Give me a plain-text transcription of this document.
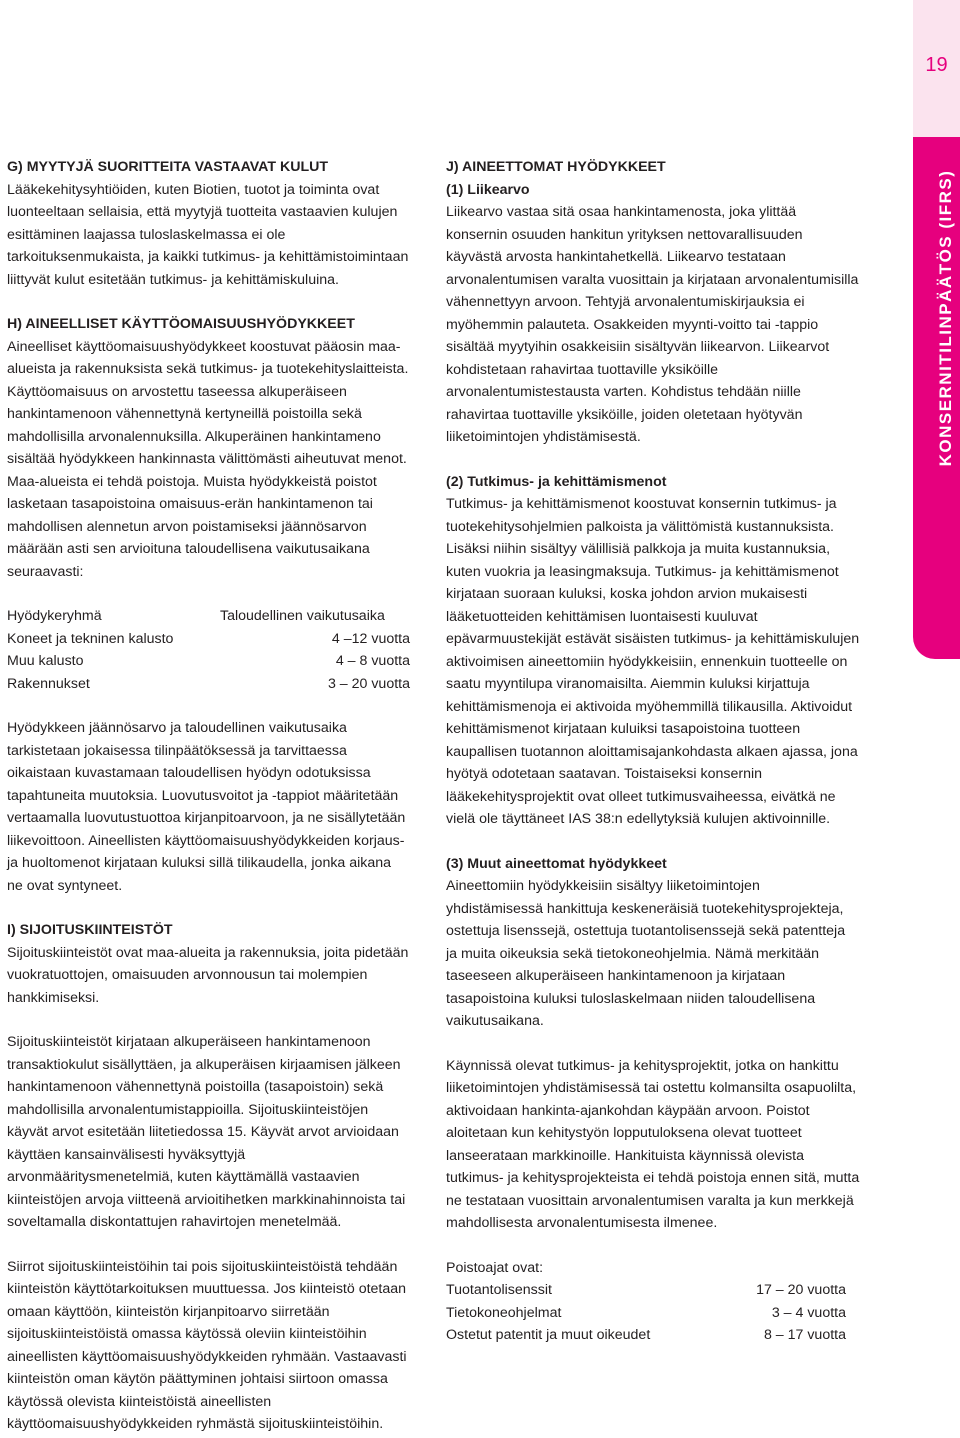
19
KONSERNITILINPÄÄTÖS (IFRS)
G) MYYTYJÄ SUORITTEITA VASTAAVAT KULUT

Lääkekehitysyhtiöiden, kuten Biotien, tuotot ja toiminta ovat luonteeltaan sellaisia, että myytyjä tuotteita vastaavien kulujen esittäminen laajassa tuloslaskelmassa ei ole tarkoituksenmukaista, ja kaikki tutkimus- ja kehittämistoimintaan liittyvät kulut esitetään tutkimus- ja kehittämiskuluina.

H) AINEELLISET KÄYTTÖOMAISUUSHYÖDYKKEET

Aineelliset käyttöomaisuushyödykkeet koostuvat pääosin maa-alueista ja rakennuksista sekä tutkimus- ja tuotekehityslaitteista. Käyttöomaisuus on arvostettu taseessa alkuperäiseen hankintamenoon vähennettynä kertyneillä poistoilla sekä mahdollisilla arvonalennuksilla. Alkuperäinen hankintameno sisältää hyödykkeen hankinnasta välittömästi aiheutuvat menot. Maa-alueista ei tehdä poistoja. Muista hyödykkeistä poistot lasketaan tasapoistoina omaisuus-erän hankintamenon tai mahdollisen alennetun arvon poistamiseksi jäännösarvon määrään asti sen arvioituna taloudellisena vaikutusaikana seuraavasti:

Hyödykeryhmä	Taloudellinen vaikutusaika
Koneet ja tekninen kalusto	4 –12 vuotta
Muu kalusto	4 – 8 vuotta
Rakennukset	3 – 20 vuotta

Hyödykkeen jäännösarvo ja taloudellinen vaikutusaika tarkistetaan jokaisessa tilinpäätöksessä ja tarvittaessa oikaistaan kuvastamaan taloudellisen hyödyn odotuksissa tapahtuneita muutoksia. Luovutusvoitot ja -tappiot määritetään vertaamalla luovutustuottoa kirjanpitoarvoon, ja ne sisällytetään liikevoittoon. Aineellisten käyttöomaisuushyödykkeiden korjaus- ja huoltomenot kirjataan kuluksi sillä tilikaudella, jonka aikana ne ovat syntyneet.

I) SIJOITUSKIINTEISTÖT

Sijoituskiinteistöt ovat maa-alueita ja rakennuksia, joita pidetään vuokratuottojen, omaisuuden arvonnousun tai molempien hankkimiseksi.

Sijoituskiinteistöt kirjataan alkuperäiseen hankintamenoon transaktiokulut sisällyttäen, ja alkuperäisen kirjaamisen jälkeen hankintamenoon vähennettynä poistoilla (tasapoistoin) sekä mahdollisilla arvonalentumistappioilla. Sijoituskiinteistöjen käyvät arvot esitetään liitetiedossa 15. Käyvät arvot arvioidaan käyttäen kansainvälisesti hyväksyttyjä arvonmääritysmenetelmiä, kuten käyttämällä vastaavien kiinteistöjen arvoja viitteenä arvioitihetken markkinahinnoista tai soveltamalla diskontattujen rahavirtojen menetelmää.

Siirrot sijoituskiinteistöihin tai pois sijoituskiinteistöistä tehdään kiinteistön käyttötarkoituksen muuttuessa. Jos kiinteistö otetaan omaan käyttöön, kiinteistön kirjanpitoarvo siirretään sijoituskiinteistöistä omassa käytössä oleviin kiinteistöihin aineellisten käyttöomaisuushyödykkeiden ryhmään. Vastaavasti kiinteistön oman käytön päättyminen johtaisi siirtoon omassa käytössä olevista kiinteistöistä aineellisten käyttöomaisuushyödykkeiden ryhmästä sijoituskiinteistöihin.

J) AINEETTOMAT HYÖDYKKEET
(1) Liikearvo

Liikearvo vastaa sitä osaa hankintamenosta, joka ylittää konsernin osuuden hankitun yrityksen nettovarallisuuden käyvästä arvosta hankintahetkellä. Liikearvo testataan arvonalentumisen varalta vuosittain ja kirjataan arvonalentumisilla vähennettyyn arvoon. Tehtyjä arvonalentumiskirjauksia ei myöhemmin palauteta. Osakkeiden myynti-voitto tai -tappio sisältää myytyihin osakkeisiin sisältyvän liikearvon. Liikearvot kohdistetaan rahavirtaa tuottaville yksiköille arvonalentumistestausta varten. Kohdistus tehdään niille rahavirtaa tuottaville yksiköille, joiden oletetaan hyötyvän liiketoimintojen yhdistämisestä.

(2) Tutkimus- ja kehittämismenot

Tutkimus- ja kehittämismenot koostuvat konsernin tutkimus- ja tuotekehitysohjelmien palkoista ja välittömistä kustannuksista. Lisäksi niihin sisältyy välillisiä palkkoja ja muita kustannuksia, kuten vuokria ja leasingmaksuja. Tutkimus- ja kehittämismenot kirjataan suoraan kuluksi, koska johdon arvion mukaisesti lääketuotteiden kehittämisen luontaisesti kuuluvat epävarmuustekijät estävät sisäisten tutkimus- ja kehittämiskulujen aktivoimisen aineettomiin hyödykkeisiin, ennenkuin tuotteelle on saatu myyntilupa viranomaisilta. Aiemmin kuluksi kirjattuja kehittämismenoja ei aktivoida myöhemmillä tilikausilla. Aktivoidut kehittämismenot kirjataan kuluiksi tasapoistoina tuotteen kaupallisen tuotannon aloittamisajankohdasta alkaen ajassa, jona hyötyä odotetaan saatavan. Toistaiseksi konsernin lääkekehitysprojektit ovat olleet tutkimusvaiheessa, eivätkä ne vielä ole täyttäneet IAS 38:n edellytyksiä kulujen aktivoinnille.

(3) Muut aineettomat hyödykkeet

Aineettomiin hyödykkeisiin sisältyy liiketoimintojen yhdistämisessä hankittuja keskeneräisiä tuotekehitysprojekteja, ostettuja lisenssejä, ostettuja tuotantolisenssejä sekä patentteja ja muita oikeuksia sekä tietokoneohjelmia. Nämä merkitään taseeseen alkuperäiseen hankintamenoon ja kirjataan tasapoistoina kuluksi tuloslaskelmaan niiden taloudellisena vaikutusaikana.

Käynnissä olevat tutkimus- ja kehitysprojektit, jotka on hankittu liiketoimintojen yhdistämisessä tai ostettu kolmansilta osapuolilta, aktivoidaan hankinta-ajankohdan käypään arvoon. Poistot aloitetaan kun kehitystyön lopputuloksena olevat tuotteet lanseerataan markkinoille. Hankituista käynnissä olevista tutkimus- ja kehitysprojekteista ei tehdä poistoja ennen sitä, mutta ne testataan vuosittain arvonalentumisen varalta ja kun merkkejä mahdollisesta arvonalentumisesta ilmenee.

Poistoajat ovat:
Tuotantolisenssit	17 – 20 vuotta
Tietokoneohjelmat	3 – 4 vuotta
Ostetut patentit ja muut oikeudet	8 – 17 vuotta
